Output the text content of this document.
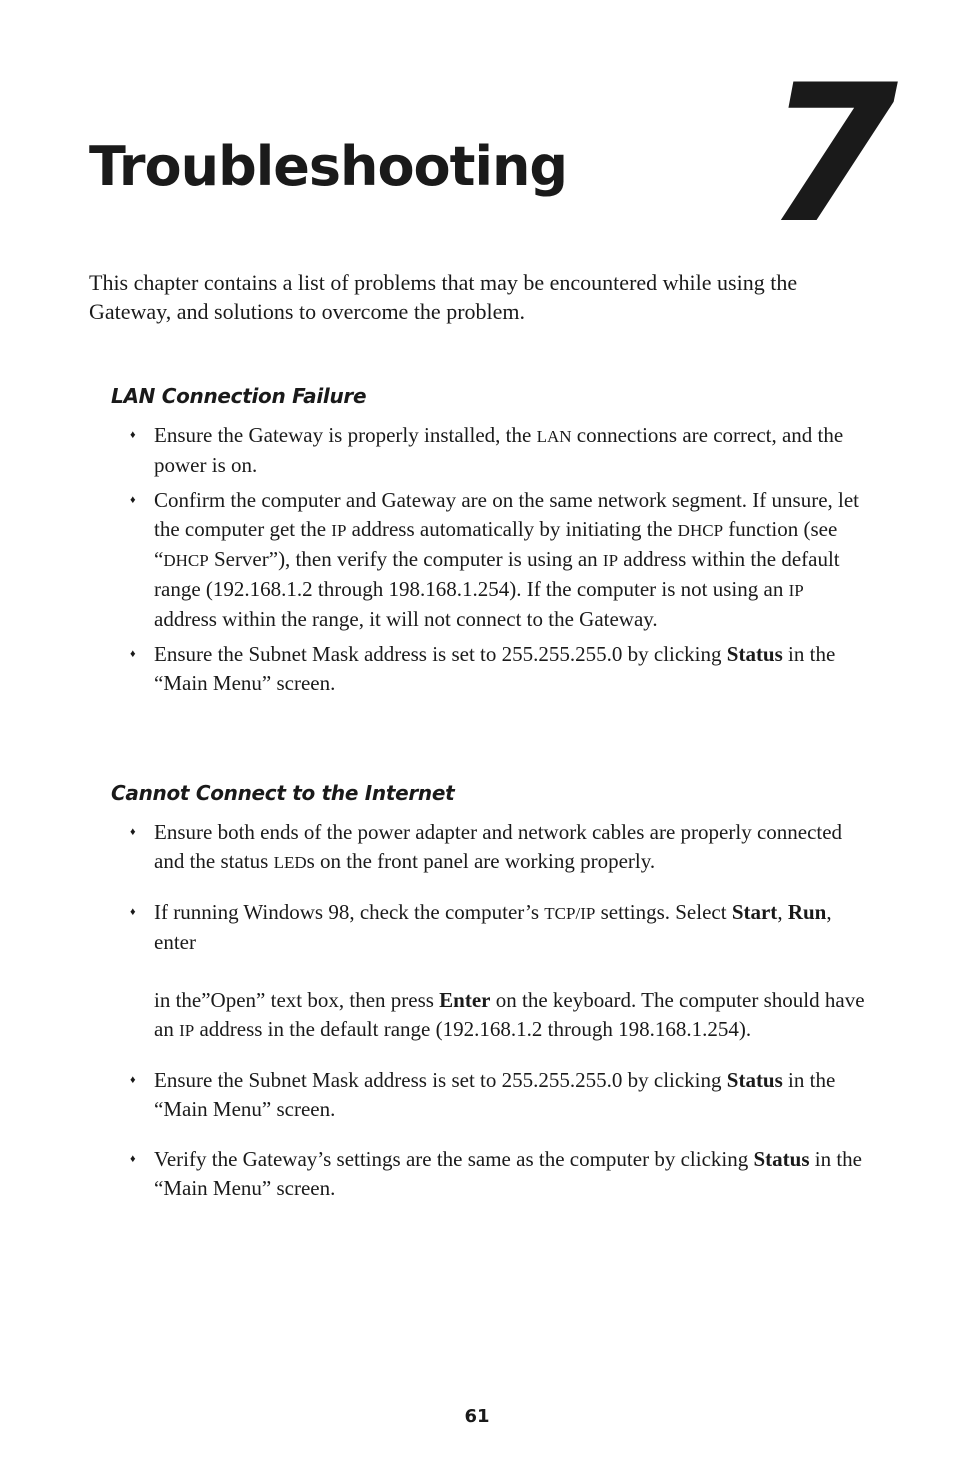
Troubleshooting 7

This chapter contains a list of problems that may be encountered while using the Gateway, and solutions to overcome the problem.

LAN Connection Failure
♦ Ensure the Gateway is properly installed, the LAN connections are correct, and the power is on.
♦ Confirm the computer and Gateway are on the same network segment. If unsure, let the computer get the IP address automatically by initiating the DHCP function (see “DHCP Server”), then verify the computer is using an IP address within the default range (192.168.1.2 through 198.168.1.254). If the computer is not using an IP address within the range, it will not connect to the Gateway.
♦ Ensure the Subnet Mask address is set to 255.255.255.0 by clicking Status in the “Main Menu” screen.
Cannot Connect to the Internet
♦ Ensure both ends of the power adapter and network cables are properly connected and the status LEDs on the front panel are working properly.
♦ If running Windows 98, check the computer’s TCP/IP settings. Select Start, Run, enter
in the”Open” text box, then press Enter on the keyboard. The computer should have an IP address in the default range (192.168.1.2 through 198.168.1.254).
♦ Ensure the Subnet Mask address is set to 255.255.255.0 by clicking Status in the “Main Menu” screen.
♦ Verify the Gateway’s settings are the same as the computer by clicking Status in the “Main Menu” screen.
61
